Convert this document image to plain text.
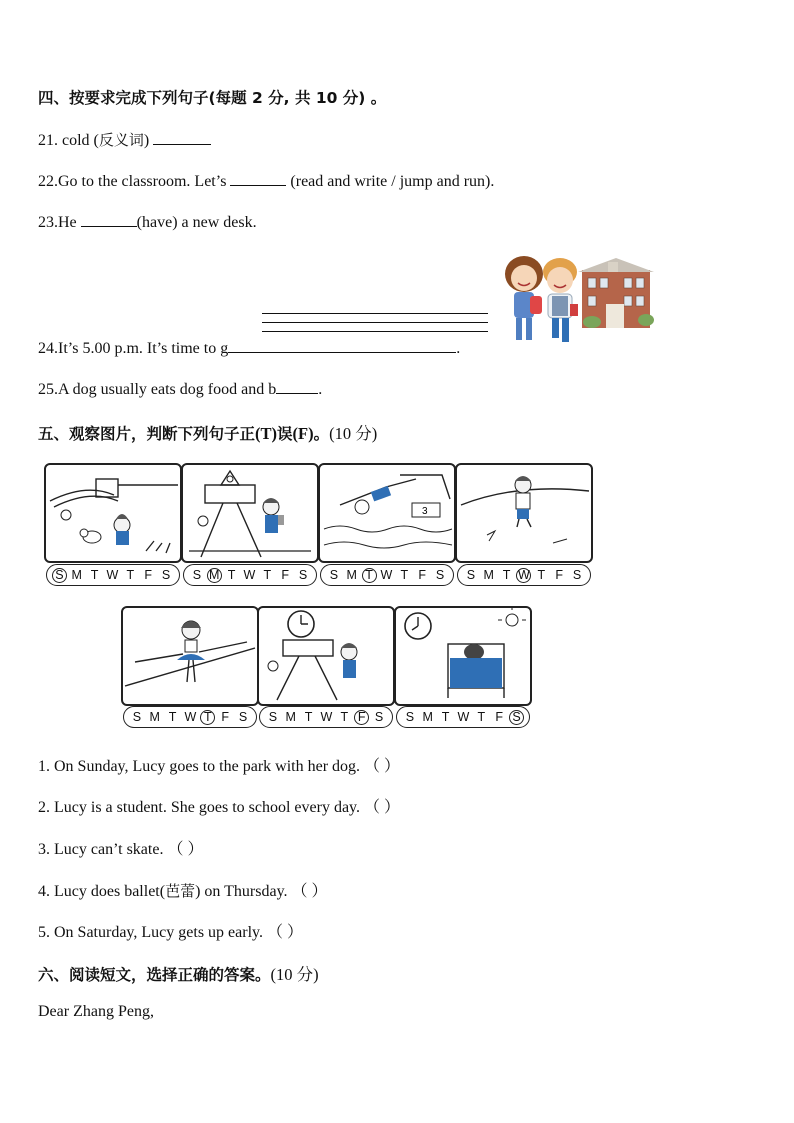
四、按要求完成下列句子(每题 2 分, 共 10 分) 。
21. cold (反义词)
22.Go to the classroom. Let’s	(read and write / jump and run).
23.He	(have) a new desk.
24.It’s 5.00 p.m. It’s time to g	.
25.A dog usually eats dog food and b	.
五、观察图片，判断下列句子正(T)误(F)。(10 分)
3
S M T W T F S	S M T W T F S	S M T W T F S	S M T W T F S
S M T W T F S	S M T W T F S	S M T W T F S
1. On Sunday, Lucy goes to the park with her dog. （ ）
2. Lucy is a student. She goes to school every day. （ ）
3. Lucy can’t skate. （ ）
4. Lucy does ballet(芭蕾) on Thursday. （ ）
5. On Saturday, Lucy gets up early. （ ）
六、阅读短文，选择正确的答案。(10 分)
Dear Zhang Peng,
